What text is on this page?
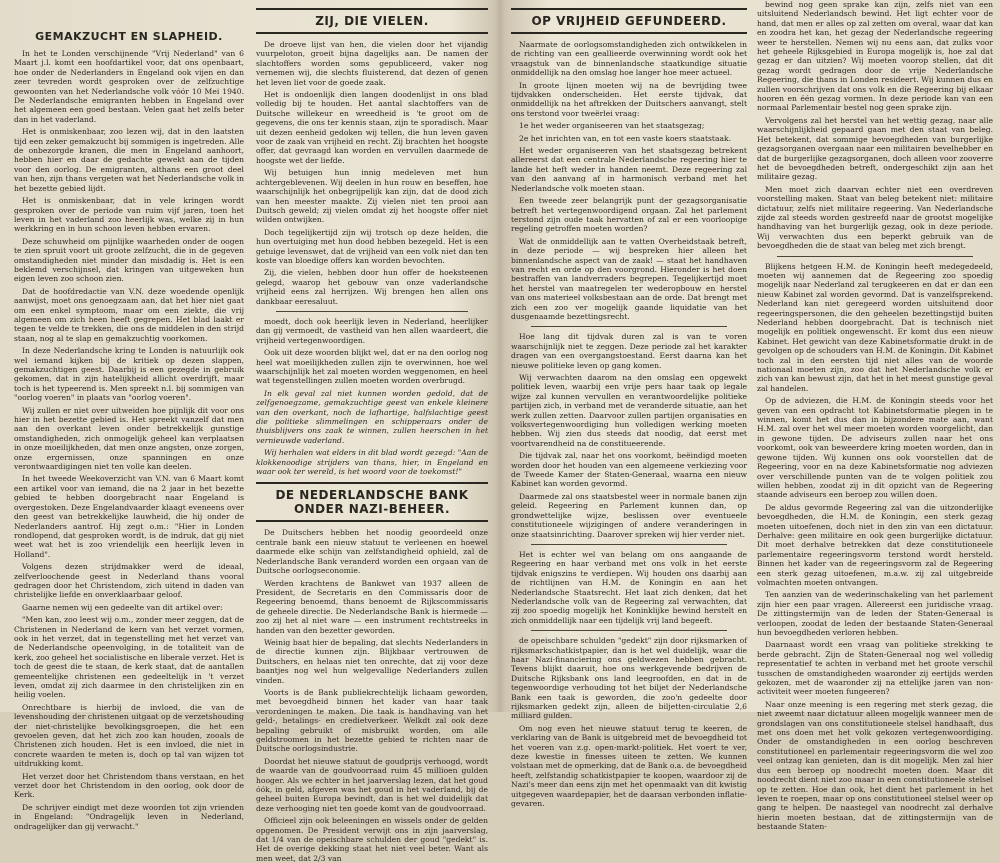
GEMAKZUCHT EN SLAPHEID.

In het te Londen verschijnende "Vrij Nederland" van 6 Maart j.l. komt een hoofdartikel voor, dat ons openbaart, hoe onder de Nederlanders in Engeland ook vijen en dan zeer tevreden wordt gesproken over de zelfzuchtige gewoonten van het Nederlandsche volk vóór 10 Mei 1940. De Nederlandsche emigranten hebben in Engeland over het algemeen een goed bestaan. Velen gaat het zelfs beter dan in het vaderland.

Het is onmiskenbaar, zoo lezen wij, dat in den laatsten tijd een zeker gemakzucht bij sommigen is ingetreden. Alle de onbezorgde kranen, die men in Engeland aanhoort, hebben hier en daar de gedachte gewekt aan de tijden voor den oorlog. De emigranten, althans een groot deel van hen, zijn thans vergeten wat het Nederlandsche volk in het bezette gebied lijdt.

Het is onmiskenbaar, dat in vele kringen wordt gesproken over de periode van ruim vijf jaren, toen het leven in het vaderland zoo heerlijk was, welke zij in hun werkkring en in hun schoon leven hebben ervaren.

Deze schuwheid om pijnlijke waarheden onder de oogen te zien spruit voort uit groote zelfzucht, die in de gegeven omstandigheden niet minder dan misdadig is. Het is een beklemd verschijnsel, dat kringen van uitgeweken hun eigen leven zoo schoon zien.

Dat de hoofdredactie van V.N. deze woedende openlijk aanwijst, moet ons genoegzaam aan, dat het hier niet gaat om een enkel symptoom, maar om een ziekte, die vrij algemeen om zich heen heeft gegrepen. Het blad laakt er tegen te velde te trekken, die ons de middelen in den strijd staan, nog al te slap en gemakzuchtig voorkomen.

In deze Nederlandsche kring te Londen is natuurlijk ook wel iemand kijken bij de kritiek op dezen slappen, gemakzuchtigen geest. Daarbij is een gezegde in gebruik gekomen, dat in zijn hatelijkheid allicht overdrijft, maar toch is het typeerend is. Men spreekt n.l. bij sommigen van "oorlog voeren" in plaats van "oorlog voeren".

Wij zullen er niet over uitweiden hoe pijnlijk dit voor ons hier in het bezette gebied is. Het spreekt vanzelf dat men aan den overkant leven onder betrekkelijk gunstige omstandigheden, zich onmogelijk geheel kan verplaatsen in onze moeilijkheden, dat men onze angsten, onze zorgen, onze ergernissen, onze spanningen en onze verontwaardigingen niet ten volle kan deelen.

In het tweede Weekoverzicht van V.N. van 6 Maart komt een artikel voor van iemand, die na 2 jaar in het bezette gebied te hebben doorgebracht naar Engeland is overgestoken. Deze Engelandvaarder klaagt eveneens over den geest van betrekkelijke lauwheid, die hij onder de Nederlanders aantrof. Hij zegt o.m.: "Hier in Londen rondlopend, dat gesproken wordt, is de indruk, dat gij niet weet wat het is zoo vriendelijk een heerlijk leven in Holland".

Volgens dezen strijdmakker werd de ideaal, zelfverloochende geest in Nederland thans vooral gedragen door het Christendom, zich uitend in daden van christelijke liefde en onverklaarbaar geloof.

Gaarne nemen wij een gedeelte van dit artikel over:

"Men kan, zoo leest wij o.m., zonder meer zeggen, dat de Christenen in Nederland de kern van het verzet vormen, ook in het verzet, dat in tegenstelling met het verzet van de Nederlandsche opeenvolging, in de totaliteit van de kerk, zoo geheel het socialistische en liberale verzet. Het is toch de geest die te staan, de kerk staat, dat de aantallen gemeentelijke christenen een gedeeltelijk in 't verzet leven, omdat zij zich daarmee in den christelijken zin en heilig voelen.

Onrechtbare is hierbij de invloed, die van de levenshouding der christenen uitgaat op de verzetshouding der niet-christelijke bevolkingsgroepen, die het een gevoelen geven, dat het zich zoo kan houden, zooals de Christenen zich houden. Het is een invloed, die niet in concrete waarden te meten is, doch op tal van wijzen tot uitdrukking komt.

Het verzet door het Christendom thans verstaan, en het verzet door het Christendom in den oorlog, ook door de Kerk.

De schrijver eindigt met deze woorden tot zijn vrienden in Engeland: "Ondragelijk leven in Nederland, ondragelijker dan gij verwacht."

ZIJ, DIE VIELEN.

De droeve lijst van hen, die vielen door het vijandig vuurpeloton, groeit bijna dagelijks aan. De namen der slachtoffers worden soms gepubliceerd, vaker nog vernemen wij, die slechts fluisterend, dat dezen of genen het leven liet voor de goede zaak.

Het is ondoenlijk dien langen doodenlijst in ons blad volledig bij te houden. Het aantal slachtoffers van de Duitsche willekeur en wreedheid is 'te groot om de gegevens, die ons ter kennis staan, zijn te sporadisch. Maar uit dezen eenheid gedoken wij tellen, die hun leven gaven voor de zaak van vrijheid en recht. Zij brachten het hoogste offer, dat gevraagd kan worden en vervullen daarmede de hoogste wet der liefde.

Wij betuigen hun innig medeleven met hun achtergeblevenen. Wij deelen in hun rouw en beseffen, hoe waarschijnlijk het onbegrijpelijk kan zijn, dat de dood zich van hen meester maakte. Zij vielen niet ten prooi aan Duitsch geweld; zij vielen omdat zij het hoogste offer niet wilden ontwijken.

Doch tegelijkertijd zijn wij trotsch op deze helden, die hun overtuiging met hun dood hebben bezegeld. Het is een getuige levenswet, dat de vrijheid van een volk niet dan ten koste van bloedige offers kan worden bevochten.

Zij, die vielen, hebben door hun offer de hoeksteenen gelegd, waarop het gebouw van onze vaderlandsche vrijheid eens zal herrijzen. Wij brengen hen allen ons dankbaar eeresaluut.

moedt, doch ook heerlijk leven in Nederland, heerlijker dan gij vermoedt, de vastheid van hen allen waardeert, die vrijheid vertegenwoordigen.

Ook uit deze woorden blijkt wel, dat er na den oorlog nog heel wat moeilijkheden zullen zijn te overwinnen, hoe wel waarschijnlijk het zal moeten worden weggenomen, en heel wat tegenstellingen zullen moeten worden overbrugd.

In elk geval zal niet kunnen worden gedold, dat de zelfgenoegzame, gemakzuchtige geest van enkele kleinere van den overkant, noch de lafhartige, halfslachtige geest die politieke slimmelingen en schipperaars onder de thuisblijvers ons zaak te winnen, zullen heerschen in het vernieuwde vaderland.

Wij herhalen wat elders in dit blad wordt gezegd: "Aan de klokkenoodige strijders van thans, hier, in Engeland en waar ook ter wereld, is het woord voor de toekomst!"

DE NEDERLANDSCHE BANK ONDER NAZI-BEHEER.

De Duitschers hebben het noodig geoordeeld onze centrale bank een nieuw statuut te verleenen en hoewel daarmede elke schijn van zelfstandigheid ophield, zal de Nederlandsche Bank veranderd worden een orgaan van de Duitsche oorlogseconomie.

Werden krachtens de Bankwet van 1937 alleen de President, de Secretaris en den Commissaris door de Regeering benoemd, thans benoemt de Rijkscommissaris de geheele directie. De Nederlandsche Bank is hiermede — zoo zij het al niet ware — een instrument rechtstreeks in handen van den bezetter geworden.

Weinig baat hier de bepaling, dat slechts Nederlanders in de directie kunnen zijn. Blijkbaar vertrouwen de Duitschers, en helaas niet ten onrechte, dat zij voor deze baantjes nog wel hun welgevallige Nederlanders zullen vinden.

Voorts is de Bank publiekrechtelijk lichaam geworden, met bevoegdheid binnen het kader van haar taak verordeningen te maken. Die taak is handhaving van het geld-, betalings- en credietverkeer. Welkdt zal ook deze bepaling gebruikt of misbruikt worden, om alle geldstroomen in het bezette gebied te richten naar de Duitsche oorlogsindustrie.

Doordat het nieuwe statuut de goudprijs verhoogd, wordt de waarde van de goudvoorraad ruim 45 millioen gulden hooger. Als we echter in het jaarverslag lezen, dat het goud óók, in geld, afgeven was het goud in het vaderland, bij de geheel buiten Europa bevindt, dan is het wel duidelijk dat deze verhooging niet ten goede komt van de goudvoorraad.

Officieel zijn ook beleeningen en wissels onder de gelden opgenomen. De President verwijt ons in zijn jaarverslag, dat 1/4 van de opeischbare schulden der goud "gedekt" is. Het de overige dekking staat het niet veel beter. Want als men weet, dat 2/3 van

OP VRIJHEID GEFUNDEERD.

Naarmate de oorlogsomstandigheden zich ontwikkelen in de richting van een geallieerde overwinning wordt ook het vraagstuk van de binnenlandsche staatkundige situatie onmiddellijk na den omslag hoe langer hoe meer actueel.

In groote lijnen moeten wij na de bevrijding twee tijdvakken onderscheiden. Het eerste tijdvak, dat onmiddellijk na het aftrekken der Duitschers aanvangt, stelt ons terstond voor tweërlei vraag:

1e het weder organiseeren van het staatsgezag;

2e het inrichten van, en tot een vaste koers staatstaak.

Het weder organiseeren van het staatsgezag betrekent allereerst dat een centrale Nederlandsche regeering hier te lande het heft weder in handen neemt. Deze regeering zal van den aanvang af in harmonisch verband met het Nederlandsche volk moeten staan.

Een tweede zeer belangrijk punt der gezagsorganisatie betreft het vertegenwoordigend orgaan. Zal het parlement terstond zijn oude taak hervatten of zal er een voorloopige regeling getroffen moeten worden?

Wat de onmiddellijk aan te vatten Overheidstaak betreft, in deze periode — wij bespreken hier alleen het binnenlandsche aspect van de zaak! — staat het handhaven van recht en orde op den voorgrond. Hieronder is het doen bestraffen van landverraders begrepen. Tegelijkertijd moet het herstel van maatregelen ter wederopbouw en herstel van ons materieel volksbestaan aan de orde. Dat brengt met zich een zoo ver mogelijk gaande liquidatie van het dusgenaamde bezettingsrecht.

Hoe lang dit tijdvak duren zal is van te voren waarschijnlijk niet te zeggen. Deze periode zal het karakter dragen van een overgangstoestand. Eerst daarna kan het nieuwe politieke leven op gang komen.

Wij verwachten daarom na den omslag een opgewekt politiek leven, waarbij een vrije pers haar taak op legale wijze zal kunnen vervullen en verantwoordelijke politieke partijen zich, in verband met de veranderde situatie, aan het werk zullen zetten. Daarvoor zullen partijen organisaties en volksvertegenwoordiging hun volledigen werking moeten hebben. Wij zien dus steeds dat noodig, dat eerst met voortvarendheid na de constitueerende.

Die tijdvak zal, naar het ons voorkomt, beëindigd moeten worden door het houden van een algemeene verkiezing voor de Tweede Kamer der Staten-Generaal, waarna een nieuw Kabinet kan worden gevormd.

Daarmede zal ons staatsbestel weer in normale banen zijn geleid. Regeering en Parlement kunnen dan, op grondwettelijke wijze, beslissen over eventueele constitutioneele wijzigingen of andere veranderingen in onze staatsinrichting. Daarover spreken wij hier verder niet.

Het is echter wel van belang om ons aangaande de Regeering en haar verband met ons volk in het eerste tijdvak enigszins te verdiepen. Wij houden ons daarbij aan de richtlijnen van H.M. de Koningin en aan het Nederlandsche Staatsrecht. Het laat zich denken, dat het Nederlandsche volk van de Regeering zal verwachten, dat zij zoo spoedig mogelijk het Koninklijke bewind herstelt en zich onmiddellijk naar een tijdelijk vrij land begeeft.

de opeischbare schulden "gedekt" zijn door rijksmarken of rijksmarkschatkistpapier, dan is het wel duidelijk, waar die haar Nazi-financiering ons geldwezen hebben gebracht. Tevens blijkt daaruit, hoe ons werkgevende bedrijven de Duitsche Rijksbank ons land leegroofden, en dat in de tegenwoordige verhouding tot het biljet der Nederlandsche Bank een taak is geworden, die zoo'n gedeelte door rijksmarken gedekt zijn, alleen de biljetten-circulatie 2,6 milliard gulden.

Om nog even het nieuwe statuut terug te keeren, de verklaring van de Bank is uitgebreid met de bevoegdheid tot het voeren van z.g. open-markt-politiek. Het voert te ver, deze kwestie in finesses uiteen te zetten. We kunnen volstaan met de opmerking, dat de Bank o.a. de bevoegdheid heeft, zelfstandig schatkistpapier te koopen, waardoor zij de Nazi's meer dan eens zijn met het openmaakt van dit kwistig uitgegeven waardepapier, het de daaraan verbonden inflatie-gevaren.

bewind nog geen sprake kan zijn, zelfs niet van een uitsluitend Nederlandsch bewind. Het ligt echter voor de hand, dat men er alles op zal zetten om overal, waar dat kan en zoodra het kan, het gezag der Nederlandsche regeering weer te herstellen. Nemen wij nu eens aan, dat zulks voor het geheele Rijksgebied in Europa mogelijk is, hoe zal dat gezag er dan uitzien? Wij moeten voorop stellen, dat dit gezag wordt gedragen door de vrije Nederlandsche Regeering, die thans in Londen resideert. Wij kunnen dus en zullen voorschrijven dat ons volk en die Regeering bij elkaar hooren en één gezag vormen. In deze periode kan van een normaal Parlementair bestel nog geen sprake zijn.

Vervolgens zal het herstel van het wettig gezag, naar alle waarschijnlijkheid gepaard gaan met den staat van beleg. Het betekent, dat sommige bevoegdheden van burgerlijke gezagsorganen overgaan naar een militairen bevelhebber en dat de burgerlijke gezagsorganen, doch alleen voor zooverre het de bevoegdheden betreft, ondergeschikt zijn aan het militaire gezag.

Men moet zich daarvan echter niet een overdreven voorstelling maken. Staat van beleg betekent niet: militaire dictatuur, zelfs niet militaire regeering. Van Nederlandsche zijde zal steeds worden gestreefd naar de grootst mogelijke handhaving van het burgerlijk gezag, ook in deze periode. Wij verwachten dus een beperkt gebruik van de bevoegdheden die de staat van beleg met zich brengt.

Blijkens hetgeen H.M. de Koningin heeft medegedeeld, moeten wij aannemen dat de Regeering zoo spoedig mogelijk naar Nederland zal terugkeeren en dat er dan een nieuw Kabinet zal worden gevormd. Dat is vanzelfsprekend. Nederland kan niet geregeerd worden uitsluitend door regeeringspersonen, die den geheelen bezettingstijd buiten Nederland hebben doorgebracht. Dat is technisch niet mogelijk en politiek ongewenscht. Er komt dus een nieuw Kabinet. Het gewicht van deze Kabinetsformatie drukt in de gevolgen op de schouders van H.M. de Koningin. Dit Kabinet toch zal in den eersten tijd niet alles van de woorde nationaal moeten zijn, zoo dat het Nederlandsche volk er zich van kan bewust zijn, dat het in het meest gunstige geval zal handelen.

Op de adviezen, die H.M. de Koningin steeds voor het geven van een opdracht tot Kabinetsformatie plegen in te winnen, komt het dus dan in bijzondere mate aan, want H.M. zal over het wel meer moeten worden voorgelicht, dan in gewone tijden. De adviseurs zullen naar het ons voorkomt, ook van beweerdere kring moeten worden, dan in gewone tijden. Wij kunnen ons ook voorstellen dat de Regeering, voor en na deze Kabinetsformatie nog adviezen over verschillende punten van de te volgen politiek zou willen hebben, zoodat zij in dit opzicht van de Regeering staande adviseurs een beroep zou willen doen.

De aldus gevormde Regeering zal van die uitzonderlijke bevoegdheden, die H.M. de Koningin, een sterk gezag moeten uitoefenen, doch niet in den zin van een dictatuur. Derhalve: geen militaire en ook geen burgerlijke dictatuur. Dit moet derhalve betrekken dat deze constitutioneele parlementaire regeeringsvorm terstond wordt hersteld. Binnen het kader van de regeeringsvorm zal de Regeering een sterk gezag uitoefenen, m.a.w. zij zal uitgebreide volmachten moeten ontvangen.

Ten aanzien van de wederinschakeling van het parlement zijn hier een paar vragen. Allereerst een juridische vraag. De zittingstermijn van de leden der Staten-Generaal is verloopen, zoodat de leden der bestaande Staten-Generaal hun bevoegdheden verloren hebben.

Daarnaast wordt een vraag van politieke strekking te berde gebracht. Zijn de Staten-Generaal nog wel volledig representatief te achten in verband met het groote verschil tusschen de omstandigheden waaronder zij eertijds werden gekozen, met de waaronder zij na ettelijke jaren van non-activiteit weer moeten fungeeren?

Naar onze meening is een regering met sterk gezag, die niet zweemt naar dictatuur alleen mogelijk wanneer men de grondslagen van ons constitutioneele stelsel handhaaft, dus met ons doen met het volk gekozen vertegenwoordiging. Onder de omstandigheden in een oorlog beschreven constitutioneel en parlementair regeeringsvorm die wel zoo veel ontzag kan genieten, dan is dit mogelijk. Men zal hier dus een beroep op noodrecht moeten doen. Maar dit noodrecht dient niet zoo maar in een constitutioneele stelsel op te zetten. Hoe dan ook, het dient het parlement in het leven te roepen, maar op ons constitutioneel stelsel weer op gang te helpen. De naastegel van noodrecht zal derhalve hierin moeten bestaan, dat de zittingstermijn van de bestaande Staten-
